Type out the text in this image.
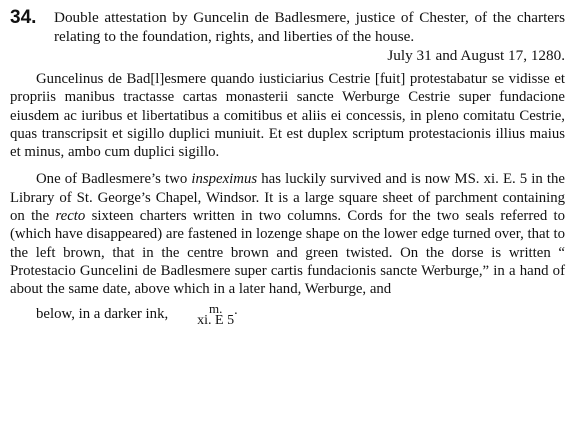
34. Double attestation by Guncelin de Badlesmere, justice of Chester, of the charters relating to the foundation, rights, and liberties of the house.
July 31 and August 17, 1280.

Guncelinus de Bad[l]esmere quando iusticiarius Cestrie [fuit] protestabatur se vidisse et propriis manibus tractasse cartas monasterii sancte Werburge Cestrie super fundacione eiusdem ac iuribus et libertatibus a comitibus et aliis ei concessis, in pleno comitatu Cestrie, quas transcripsit et sigillo duplici muniuit. Et est duplex scriptum protestacionis illius maius et minus, ambo cum duplici sigillo.

One of Badlesmere’s two inspeximus has luckily survived and is now MS. xi. E. 5 in the Library of St. George’s Chapel, Windsor. It is a large square sheet of parchment containing on the recto sixteen charters written in two columns. Cords for the two seals referred to (which have disappeared) are fastened in lozenge shape on the lower edge turned over, that to the left brown, that in the centre brown and green twisted. On the dorse is written “ Protestacio Guncelini de Badlesmere super cartis fundacionis sancte Werburge,” in a hand of about the same date, above which in a later hand, Werburge, and
below, in a darker ink,	m.
xi. E 5
.
